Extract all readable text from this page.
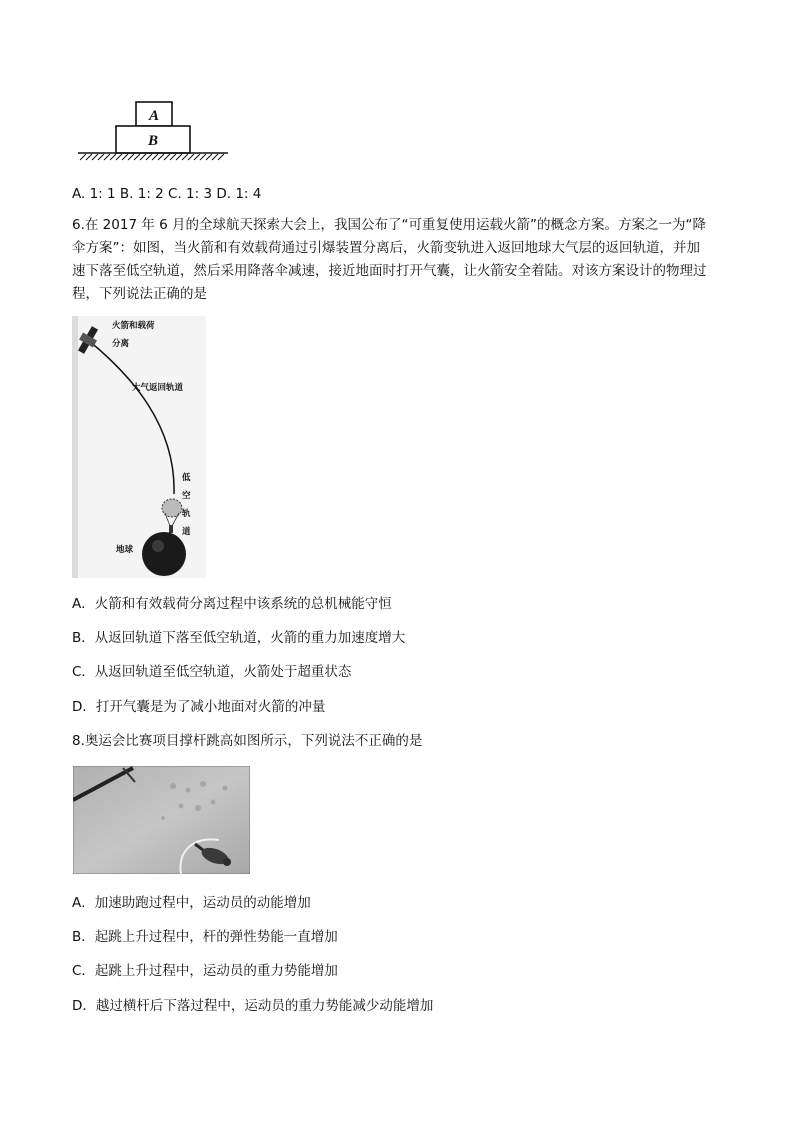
A
B
A. 1: 1 B. 1: 2 C. 1: 3 D. 1: 4
6.在 2017 年 6 月的全球航天探索大会上，我国公布了“可重复使用运载火箭”的概念方案。方案之一为“降伞方案”：如图，当火箭和有效载荷通过引爆装置分离后，火箭变轨进入返回地球大气层的返回轨道，并加速下落至低空轨道，然后采用降落伞减速，接近地面时打开气囊，让火箭安全着陆。对该方案设计的物理过程，下列说法正确的是
火箭和载荷
分离
大气返回轨道
低
空
轨
道
地球
A．火箭和有效载荷分离过程中该系统的总机械能守恒
B．从返回轨道下落至低空轨道，火箭的重力加速度增大
C．从返回轨道至低空轨道，火箭处于超重状态
D．打开气囊是为了减小地面对火箭的冲量
8.奥运会比赛项目撑杆跳高如图所示，下列说法不正确的是
A．加速助跑过程中，运动员的动能增加
B．起跳上升过程中，杆的弹性势能一直增加
C．起跳上升过程中，运动员的重力势能增加
D．越过横杆后下落过程中，运动员的重力势能减少动能增加
